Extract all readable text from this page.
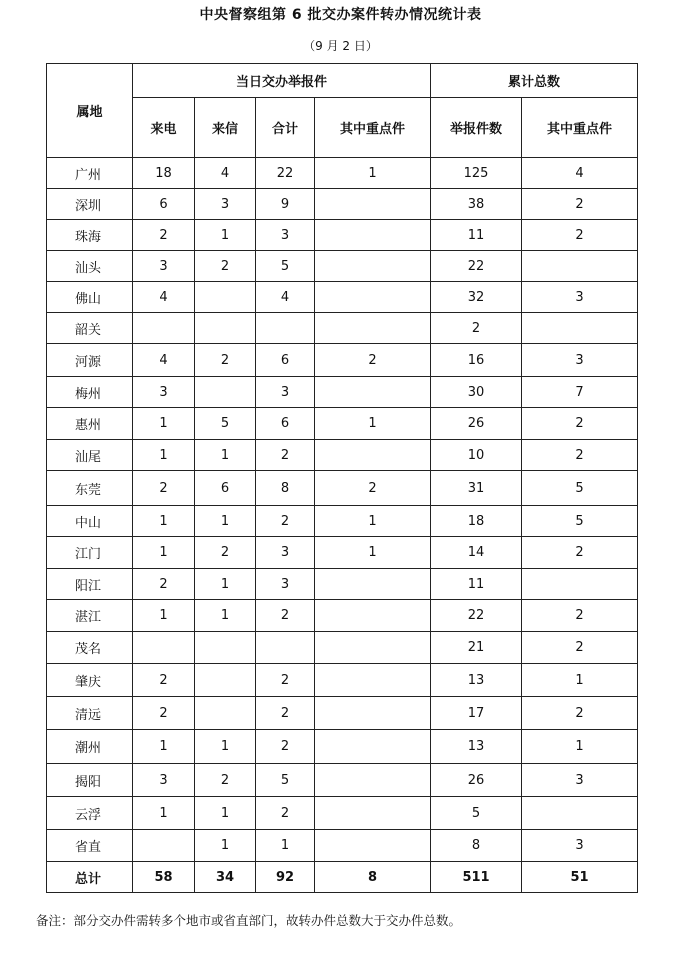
中央督察组第 6 批交办案件转办情况统计表
（9 月 2 日）
属地	当日交办举报件				累计总数	
	来电	来信	合计	其中重点件	举报件数	其中重点件
广州	18	4	22	1	125	4
深圳	6	3	9		38	2
珠海	2	1	3		11	2
汕头	3	2	5		22	
佛山	4		4		32	3
韶关					2	
河源	4	2	6	2	16	3
梅州	3		3		30	7
惠州	1	5	6	1	26	2
汕尾	1	1	2		10	2
东莞	2	6	8	2	31	5
中山	1	1	2	1	18	5
江门	1	2	3	1	14	2
阳江	2	1	3		11	
湛江	1	1	2		22	2
茂名					21	2
肇庆	2		2		13	1
清远	2		2		17	2
潮州	1	1	2		13	1
揭阳	3	2	5		26	3
云浮	1	1	2		5	
省直		1	1		8	3
总计	58	34	92	8	511	51
备注：部分交办件需转多个地市或省直部门，故转办件总数大于交办件总数。
